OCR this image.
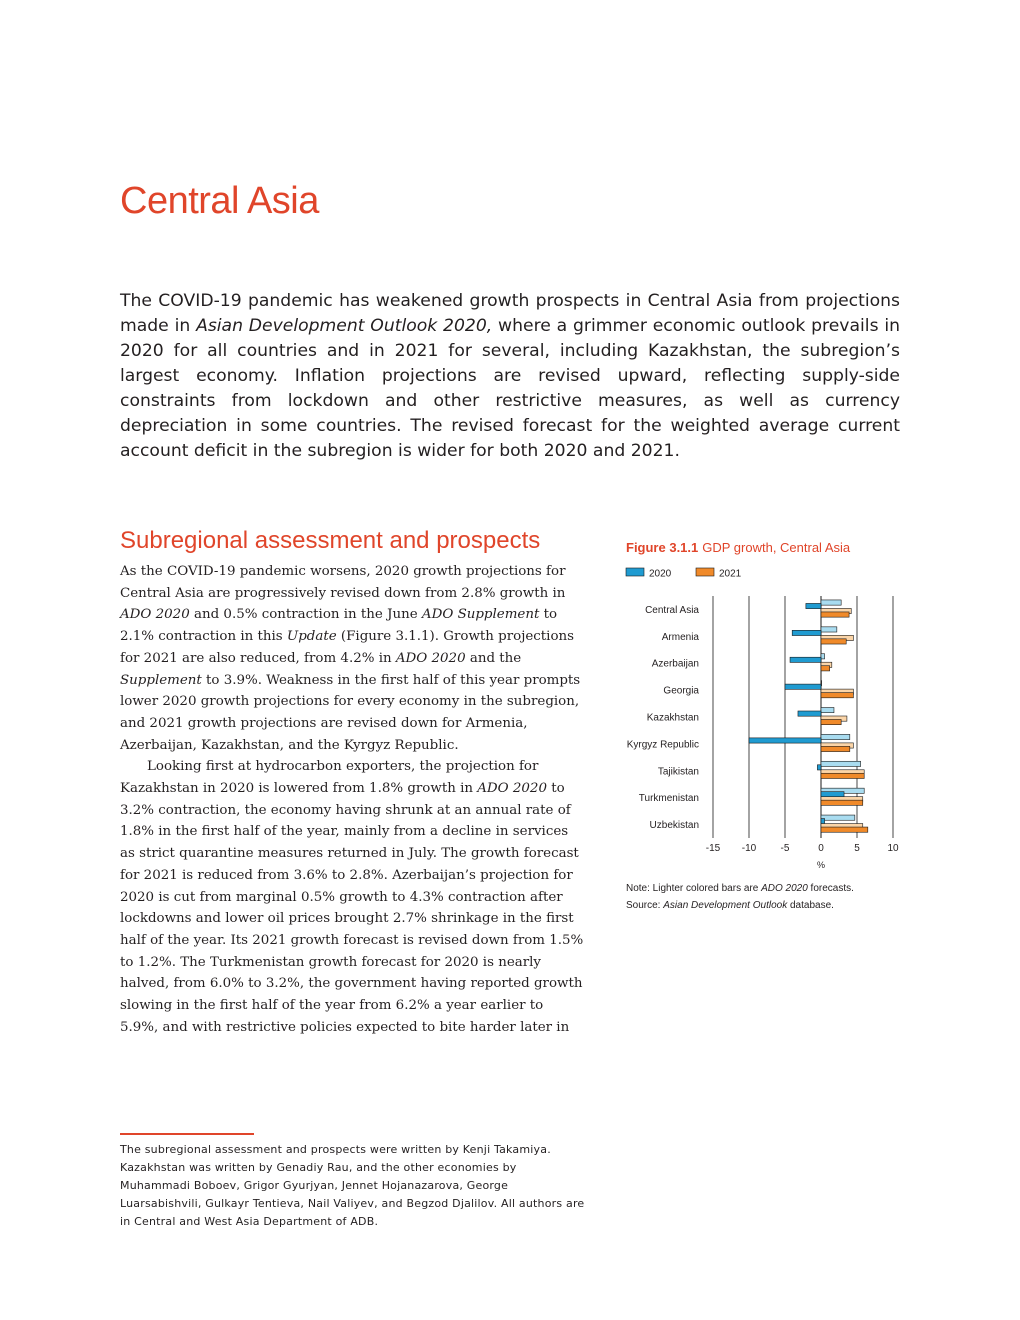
Central Asia

The COVID-19 pandemic has weakened growth prospects in Central Asia from projections made in Asian Development Outlook 2020, where a grimmer economic outlook prevails in 2020 for all countries and in 2021 for several, including Kazakhstan, the subregion’s largest economy. Inflation projections are revised upward, reflecting supply-side constraints from lockdown and other restrictive measures, as well as currency depreciation in some countries. The revised forecast for the weighted average current account deficit in the subregion is wider for both 2020 and 2021.

Subregional assessment and prospects

As the COVID-19 pandemic worsens, 2020 growth projections for Central Asia are progressively revised down from 2.8% growth in ADO 2020 and 0.5% contraction in the June ADO Supplement to 2.1% contraction in this Update (Figure 3.1.1). Growth projections for 2021 are also reduced, from 4.2% in ADO 2020 and the Supplement to 3.9%. Weakness in the first half of this year prompts lower 2020 growth projections for every economy in the subregion, and 2021 growth projections are revised down for Armenia, Azerbaijan, Kazakhstan, and the Kyrgyz Republic.

Looking first at hydrocarbon exporters, the projection for Kazakhstan in 2020 is lowered from 1.8% growth in ADO 2020 to 3.2% contraction, the economy having shrunk at an annual rate of 1.8% in the first half of the year, mainly from a decline in services as strict quarantine measures returned in July. The growth forecast for 2021 is reduced from 3.6% to 2.8%. Azerbaijan’s projection for 2020 is cut from marginal 0.5% growth to 4.3% contraction after lockdowns and lower oil prices brought 2.7% shrinkage in the first half of the year. Its 2021 growth forecast is revised down from 1.5% to 1.2%. The Turkmenistan growth forecast for 2020 is nearly halved, from 6.0% to 3.2%, the government having reported growth slowing in the first half of the year from 6.2% a year earlier to 5.9%, and with restrictive policies expected to bite harder later in

The subregional assessment and prospects were written by Kenji Takamiya. Kazakhstan was written by Genadiy Rau, and the other economies by Muhammadi Boboev, Grigor Gyurjyan, Jennet Hojanazarova, George Luarsabishvili, Gulkayr Tentieva, Nail Valiyev, and Begzod Djalilov. All authors are in Central and West Asia Department of ADB.

Figure 3.1.1 GDP growth, Central Asia

2020	2021
-15 -10 -5	0	5	10
%
Central Asia
Armenia
Azerbaijan
Georgia
Kazakhstan
Kyrgyz Republic
Tajikistan
Turkmenistan
Uzbekistan

Note: Lighter colored bars are ADO 2020 forecasts.
Source: Asian Development Outlook database.
